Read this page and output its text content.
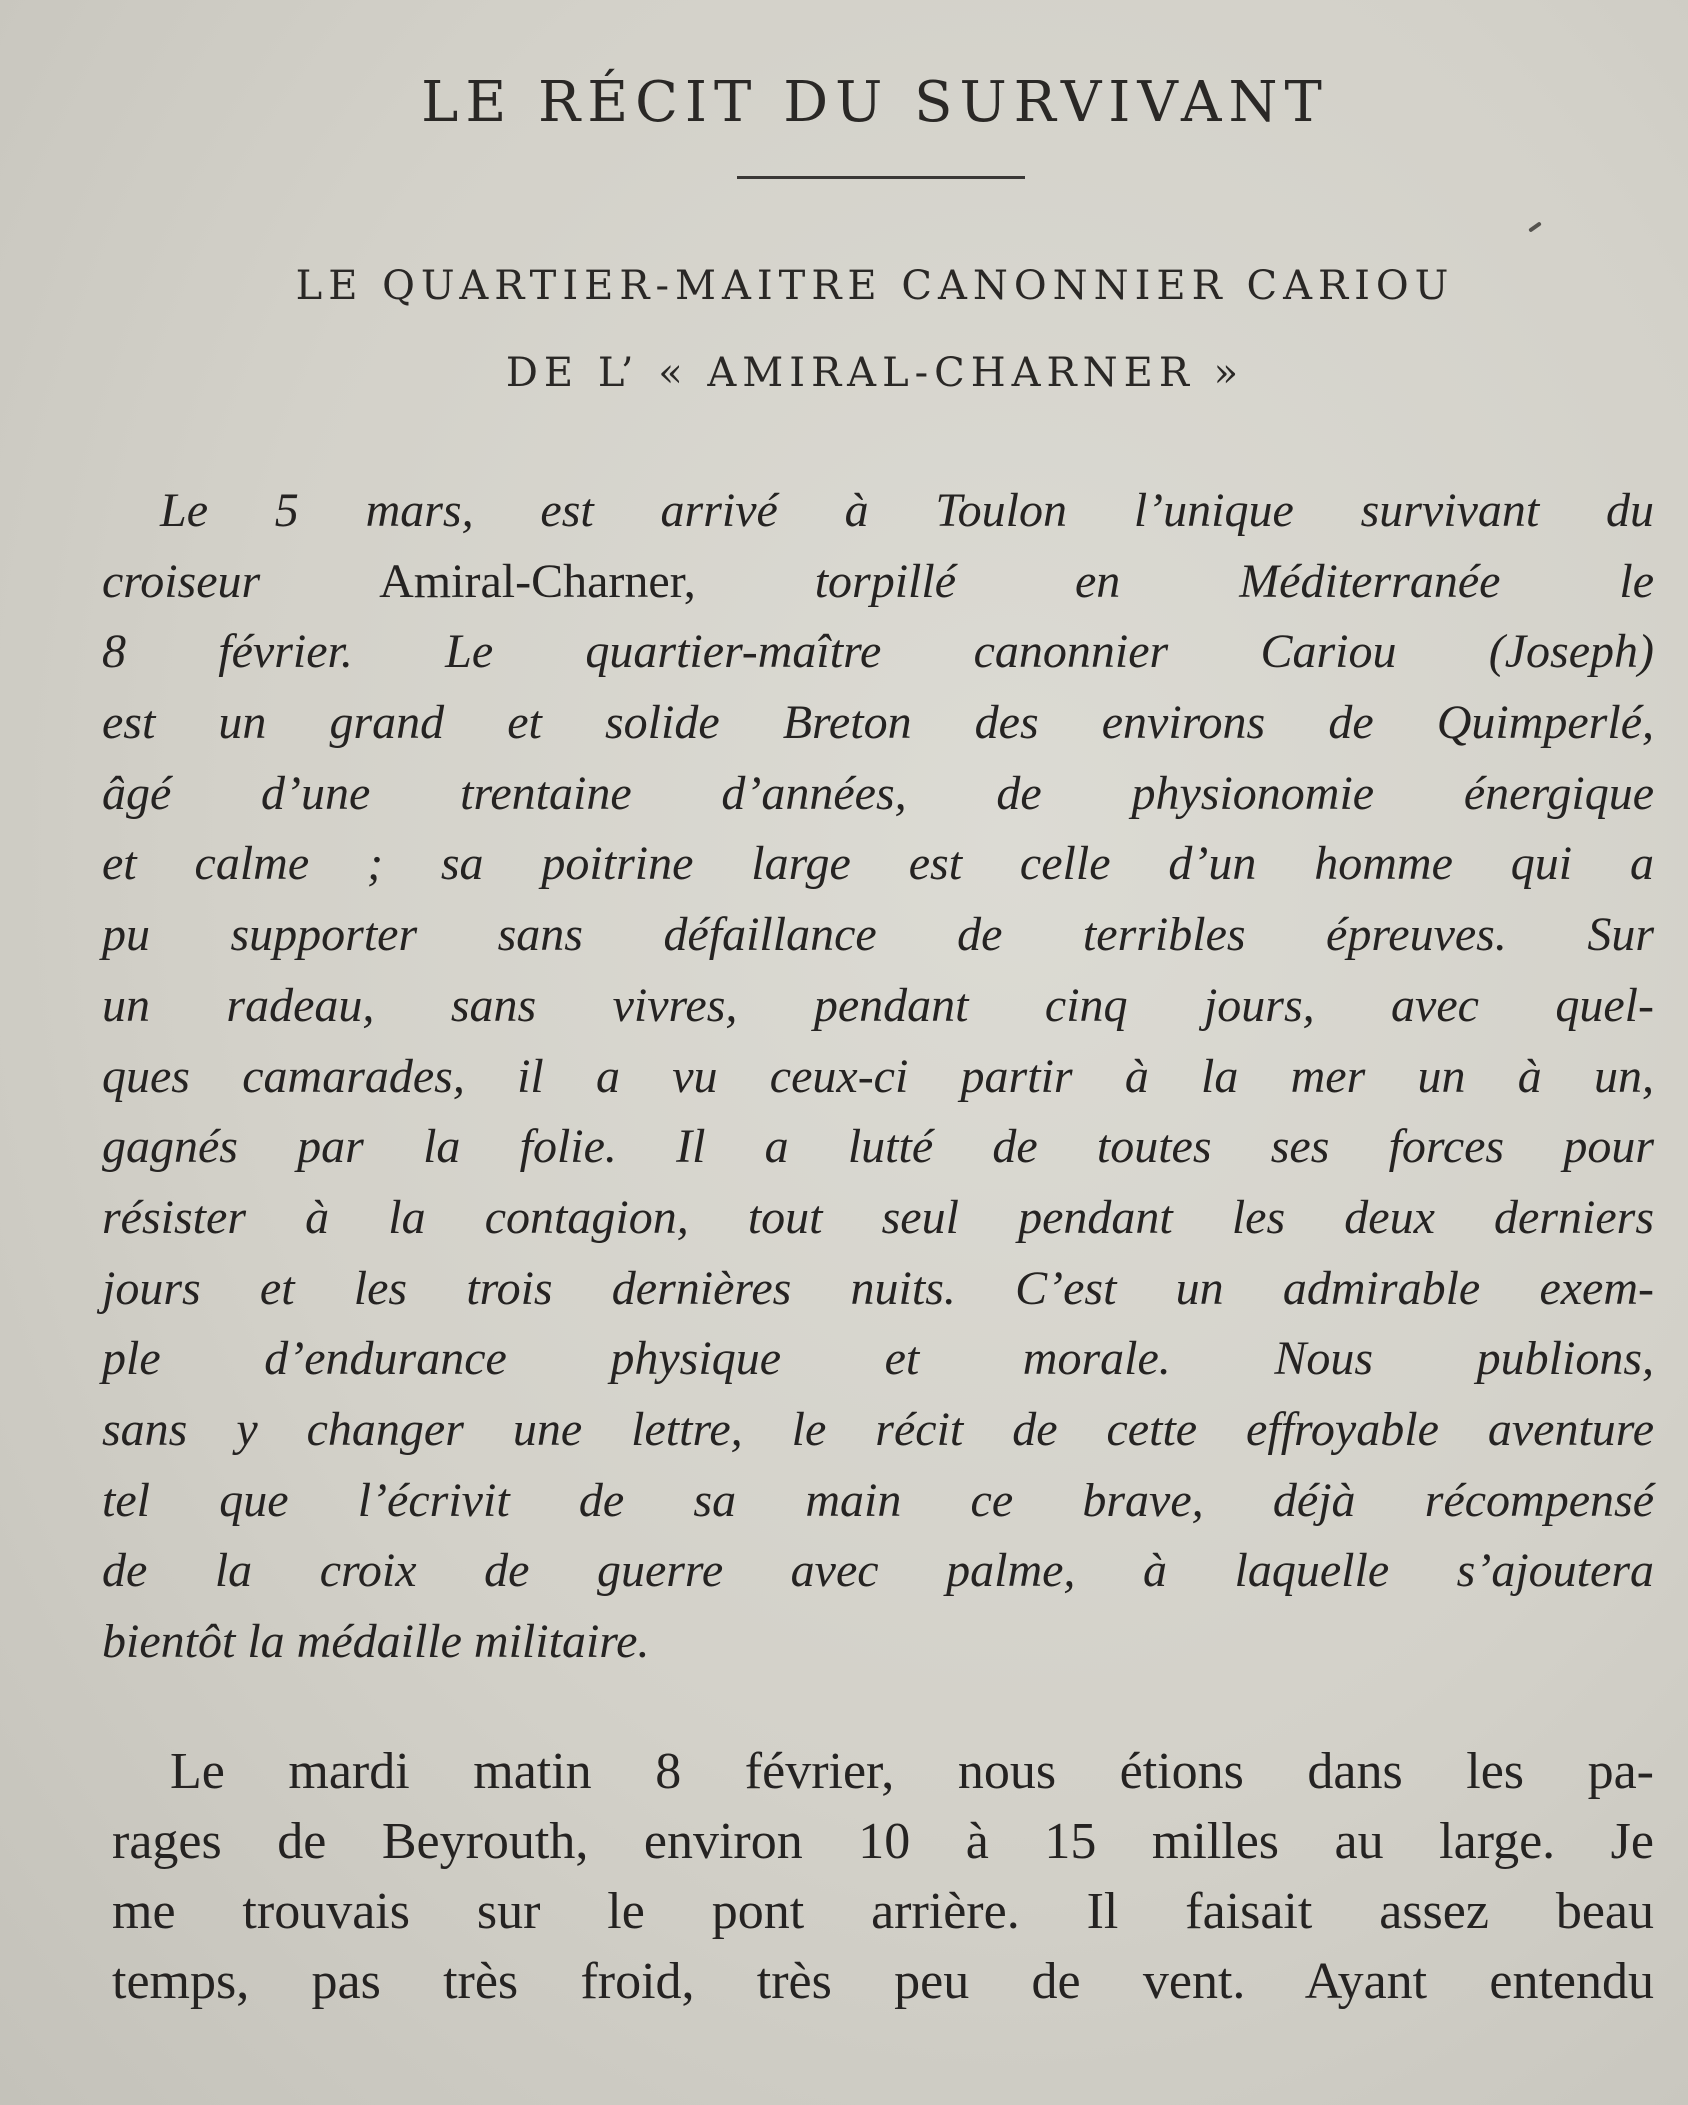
LE RÉCIT DU SURVIVANT
LE QUARTIER-MAITRE CANONNIER CARIOU
DE L’ « AMIRAL-CHARNER »
Le 5 mars, est arrivé à Toulon l’unique survivant du
croiseur Amiral-Charner, torpillé en Méditerranée le
8 février. Le quartier-maître canonnier Cariou (Joseph)
est un grand et solide Breton des environs de Quimperlé,
âgé d’une trentaine d’années, de physionomie énergique
et calme ; sa poitrine large est celle d’un homme qui a
pu supporter sans défaillance de terribles épreuves. Sur
un radeau, sans vivres, pendant cinq jours, avec quel-
ques camarades, il a vu ceux-ci partir à la mer un à un,
gagnés par la folie. Il a lutté de toutes ses forces pour
résister à la contagion, tout seul pendant les deux derniers
jours et les trois dernières nuits. C’est un admirable exem-
ple d’endurance physique et morale. Nous publions,
sans y changer une lettre, le récit de cette effroyable aventure
tel que l’écrivit de sa main ce brave, déjà récompensé
de la croix de guerre avec palme, à laquelle s’ajoutera
bientôt la médaille militaire.
Le mardi matin 8 février, nous étions dans les pa-
rages de Beyrouth, environ 10 à 15 milles au large. Je
me trouvais sur le pont arrière. Il faisait assez beau
temps, pas très froid, très peu de vent. Ayant entendu
